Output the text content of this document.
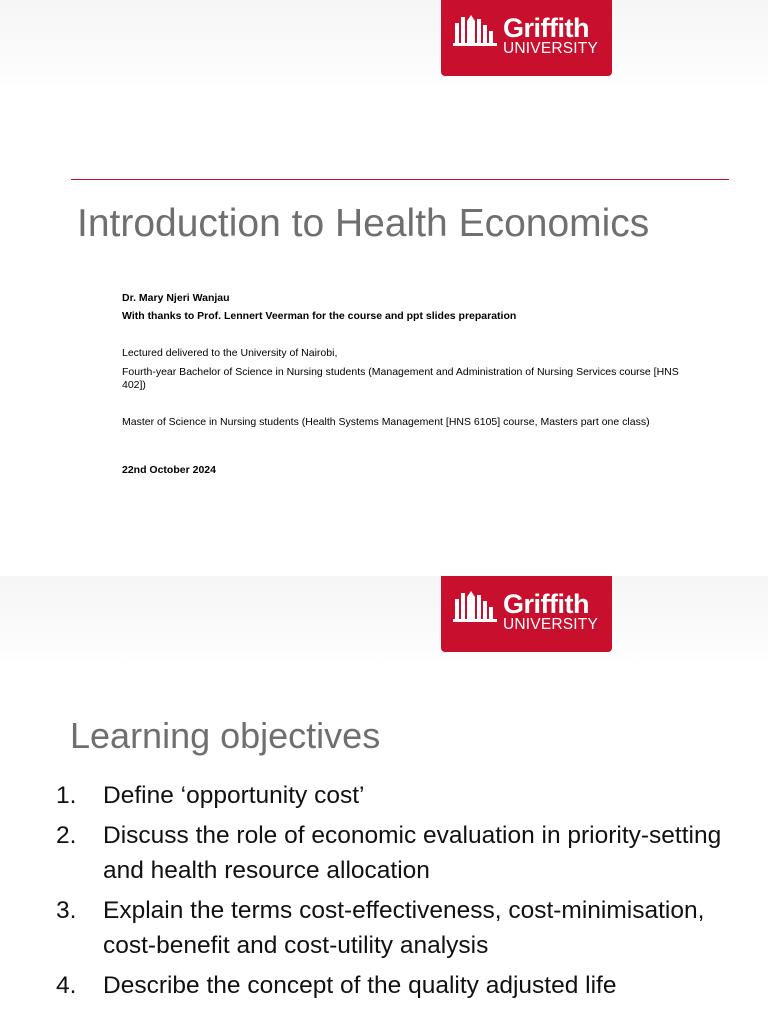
Griffith
UNIVERSITY
Introduction to Health Economics
Dr. Mary Njeri Wanjau
With thanks to Prof. Lennert Veerman for the course and ppt slides preparation
Lectured delivered to the University of Nairobi,
Fourth-year Bachelor of Science in Nursing students (Management and Administration of Nursing Services course [HNS 402])
Master of Science in Nursing students (Health Systems Management [HNS 6105] course, Masters part one class)
22nd October 2024
Griffith
UNIVERSITY
Learning objectives
1. Define ‘opportunity cost’
2. Discuss the role of economic evaluation in priority-setting and health resource allocation
3. Explain the terms cost-effectiveness, cost-minimisation, cost-benefit and cost-utility analysis
4. Describe the concept of the quality adjusted life
